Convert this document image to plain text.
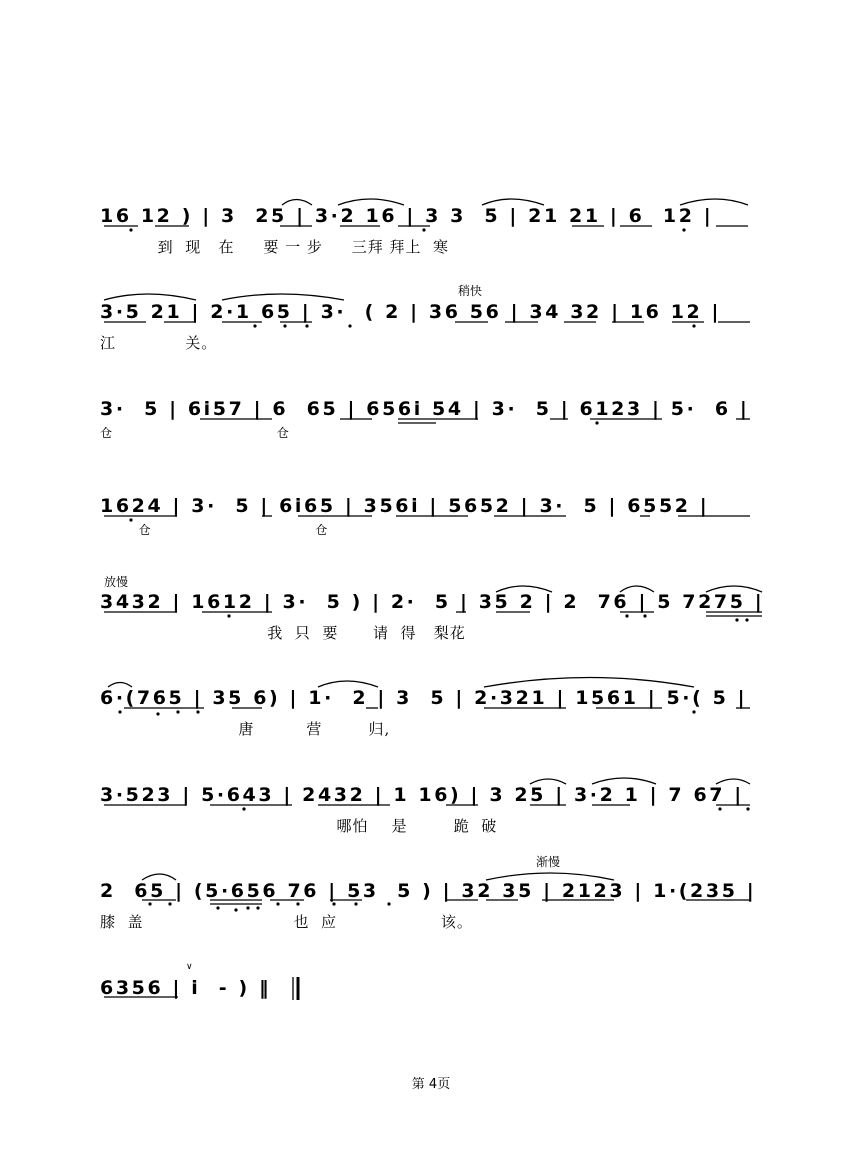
16 12 ) | 3  25 | 3·2 16 | 3 3  5 | 21 21 | 6  12 |
到  现   在     要 一 步     三拜 拜上  寒
稍快
3·5 21 | 2·1 65 | 3·  ( 2 | 36 56 | 34 32 | 16 12 |
江            关。
3·  5 | 6i57 | 6  65 | 656i 54 | 3·  5 | 6123 | 5·  6 |
仓                                  仓
1624 | 3·  5 | 6i65 | 356i | 5652 | 3·  5 | 6552 |
仓                                  仓
放慢
3432 | 1612 | 3·  5 ) | 2·  5 | 35 2 | 2  76 | 5 7275 |
我  只  要      请  得   梨花
6·(765 | 35 6) | 1·  2 | 3  5 | 2·321 | 1561 | 5·( 5 |
唐         营        归,
3·523 | 5·643 | 2432 | 1 16) | 3 25 | 3·2 1 | 7 67 |
哪怕    是        跪  破
渐慢
2  65 | (5·656 76 | 53  5 ) | 32 35 | 2123 | 1·(235 |
膝  盖                          也  应                  该。
∨
6356 | i  - ) ‖
第 4页
